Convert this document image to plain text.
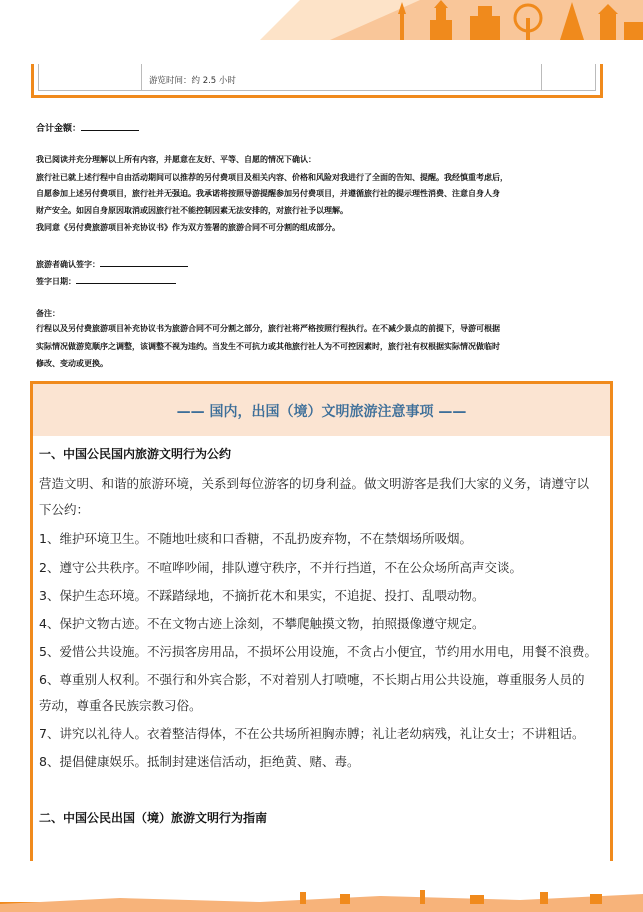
游览时间：约 2.5 小时
合计金额：
我已阅读并充分理解以上所有内容，并愿意在友好、平等、自愿的情况下确认：
旅行社已就上述行程中自由活动期间可以推荐的另付费项目及相关内容、价格和风险对我进行了全面的告知、提醒。我经慎重考虑后，
自愿参加上述另付费项目，旅行社并无强迫。我承诺将按照导游提醒参加另付费项目，并遵循旅行社的提示理性消费、注意自身人身
财产安全。如因自身原因取消或因旅行社不能控制因素无法安排的，对旅行社予以理解。
我同意《另付费旅游项目补充协议书》作为双方签署的旅游合同不可分割的组成部分。
旅游者确认签字：
签字日期：
备注：
行程以及另付费旅游项目补充协议书为旅游合同不可分割之部分，旅行社将严格按照行程执行。在不减少景点的前提下，导游可根据
实际情况做游览顺序之调整，该调整不视为违约。当发生不可抗力或其他旅行社人为不可控因素时，旅行社有权根据实际情况做临时
修改、变动或更换。
—— 国内，出国（境）文明旅游注意事项 ——
一、中国公民国内旅游文明行为公约
营造文明、和谐的旅游环境，关系到每位游客的切身利益。做文明游客是我们大家的义务，请遵守以
下公约：
1、维护环境卫生。不随地吐痰和口香糖，不乱扔废弃物，不在禁烟场所吸烟。
2、遵守公共秩序。不喧哗吵闹，排队遵守秩序，不并行挡道，不在公众场所高声交谈。
3、保护生态环境。不踩踏绿地，不摘折花木和果实，不追捉、投打、乱喂动物。
4、保护文物古迹。不在文物古迹上涂刻，不攀爬触摸文物，拍照摄像遵守规定。
5、爱惜公共设施。不污损客房用品，不损坏公用设施，不贪占小便宜，节约用水用电，用餐不浪费。
6、尊重别人权利。不强行和外宾合影，不对着别人打喷嚏，不长期占用公共设施，尊重服务人员的
劳动，尊重各民族宗教习俗。
7、讲究以礼待人。衣着整洁得体，不在公共场所袒胸赤膊；礼让老幼病残，礼让女士；不讲粗话。
8、提倡健康娱乐。抵制封建迷信活动，拒绝黄、赌、毒。
二、中国公民出国（境）旅游文明行为指南
